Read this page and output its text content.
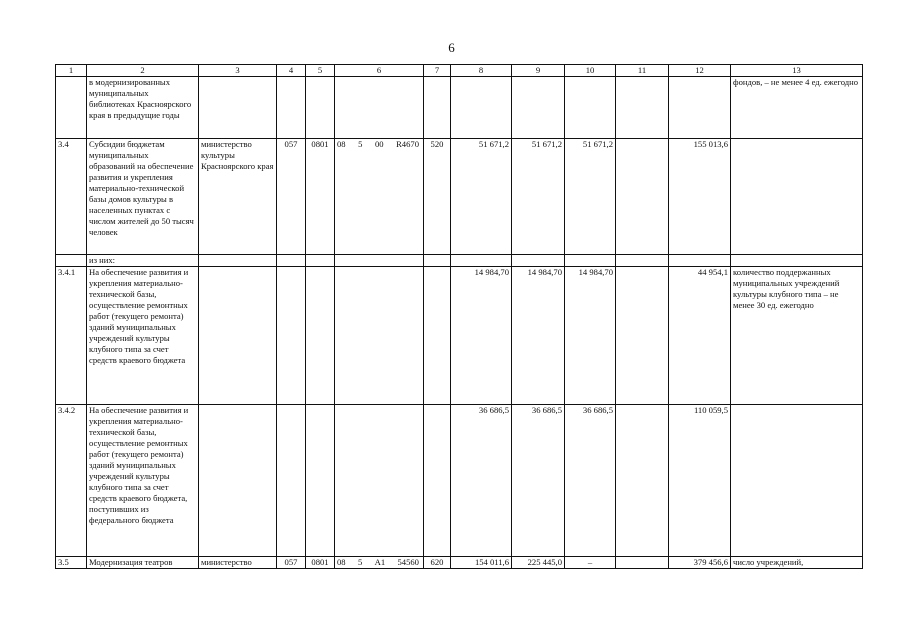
6
1	2	3	4	5	6	7	8	9	10	11	12	13
	в модернизированных муниципальных библиотеках Красноярского края в предыдущие годы											фондов, – не менее 4 ед. ежегодно
3.4	Субсидии бюджетам муниципальных образований на обеспечение развития и укрепления материально-технической базы домов культуры в населенных пунктах с числом жителей до 50 тысяч человек	министерство культуры Красноярского края	057	0801	08 5 00 R4670	520	51 671,2	51 671,2	51 671,2		155 013,6	
	из них:				

3.4.1	На обеспечение развития и укрепления материально-технической базы, осуществление ремонтных работ (текущего ремонта) зданий муниципальных учреждений культуры клубного типа за счет средств краевого бюджета						14 984,70	14 984,70	14 984,70		44 954,1	количество поддержанных муниципальных учреждений культуры клубного типа – не менее 30 ед. ежегодно
3.4.2	На обеспечение развития и укрепления материально-технической базы, осуществление ремонтных работ (текущего ремонта) зданий муниципальных учреждений культуры клубного типа за счет средств краевого бюджета, поступивших из федерального бюджета						36 686,5	36 686,5	36 686,5		110 059,5	
3.5	Модернизация театров	министерство	057	0801	08 5 A1 54560	620	154 011,6	225 445,0	–		379 456,6	число учреждений,
